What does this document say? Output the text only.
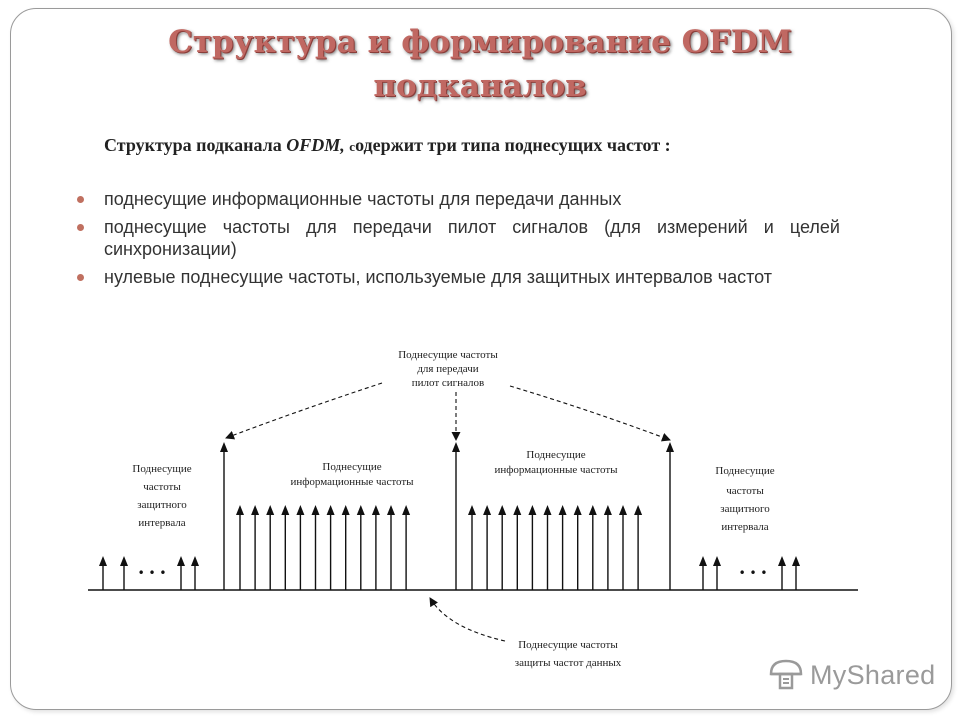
Структура и формирование OFDM
подканалов
Структура подканала OFDM, содержит три типа поднесущих частот :
поднесущие информационные частоты для передачи данных
поднесущие частоты для передачи пилот сигналов (для измерений и целей синхронизации)
нулевые поднесущие частоты, используемые для защитных интервалов частот
• • •	• • •
Поднесущие частоты
для передачи
пилот сигналов
Поднесущие
информационные частоты
Поднесущие
информационные частоты
Поднесущие
частоты
защитного
интервала
Поднесущие
частоты
защитного
интервала
Поднесущие частоты
защиты частот данных	MyShared
